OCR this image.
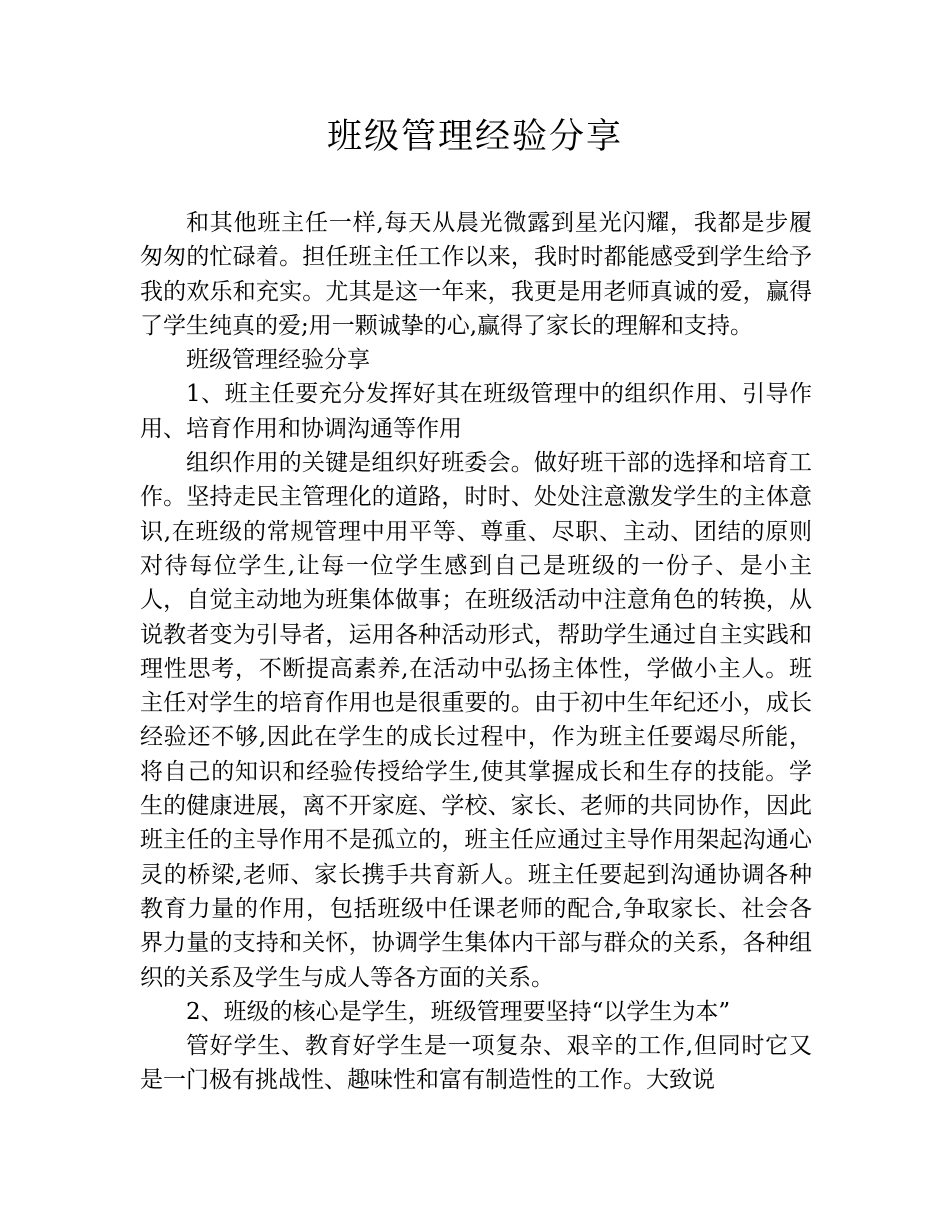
班级管理经验分享

和其他班主任一样,每天从晨光微露到星光闪耀，我都是步履匆匆的忙碌着。担任班主任工作以来，我时时都能感受到学生给予我的欢乐和充实。尤其是这一年来，我更是用老师真诚的爱，赢得了学生纯真的爱;用一颗诚挚的心,赢得了家长的理解和支持。

班级管理经验分享

1、班主任要充分发挥好其在班级管理中的组织作用、引导作用、培育作用和协调沟通等作用

组织作用的关键是组织好班委会。做好班干部的选择和培育工作。坚持走民主管理化的道路，时时、处处注意激发学生的主体意识,在班级的常规管理中用平等、尊重、尽职、主动、团结的原则对待每位学生,让每一位学生感到自己是班级的一份子、是小主人，自觉主动地为班集体做事；在班级活动中注意角色的转换，从说教者变为引导者，运用各种活动形式，帮助学生通过自主实践和理性思考，不断提高素养,在活动中弘扬主体性，学做小主人。班主任对学生的培育作用也是很重要的。由于初中生年纪还小，成长经验还不够,因此在学生的成长过程中，作为班主任要竭尽所能，将自己的知识和经验传授给学生,使其掌握成长和生存的技能。学生的健康进展，离不开家庭、学校、家长、老师的共同协作，因此班主任的主导作用不是孤立的，班主任应通过主导作用架起沟通心灵的桥梁,老师、家长携手共育新人。班主任要起到沟通协调各种教育力量的作用，包括班级中任课老师的配合,争取家长、社会各界力量的支持和关怀，协调学生集体内干部与群众的关系，各种组织的关系及学生与成人等各方面的关系。

2、班级的核心是学生，班级管理要坚持“以学生为本”

管好学生、教育好学生是一项复杂、艰辛的工作,但同时它又是一门极有挑战性、趣味性和富有制造性的工作。大致说
